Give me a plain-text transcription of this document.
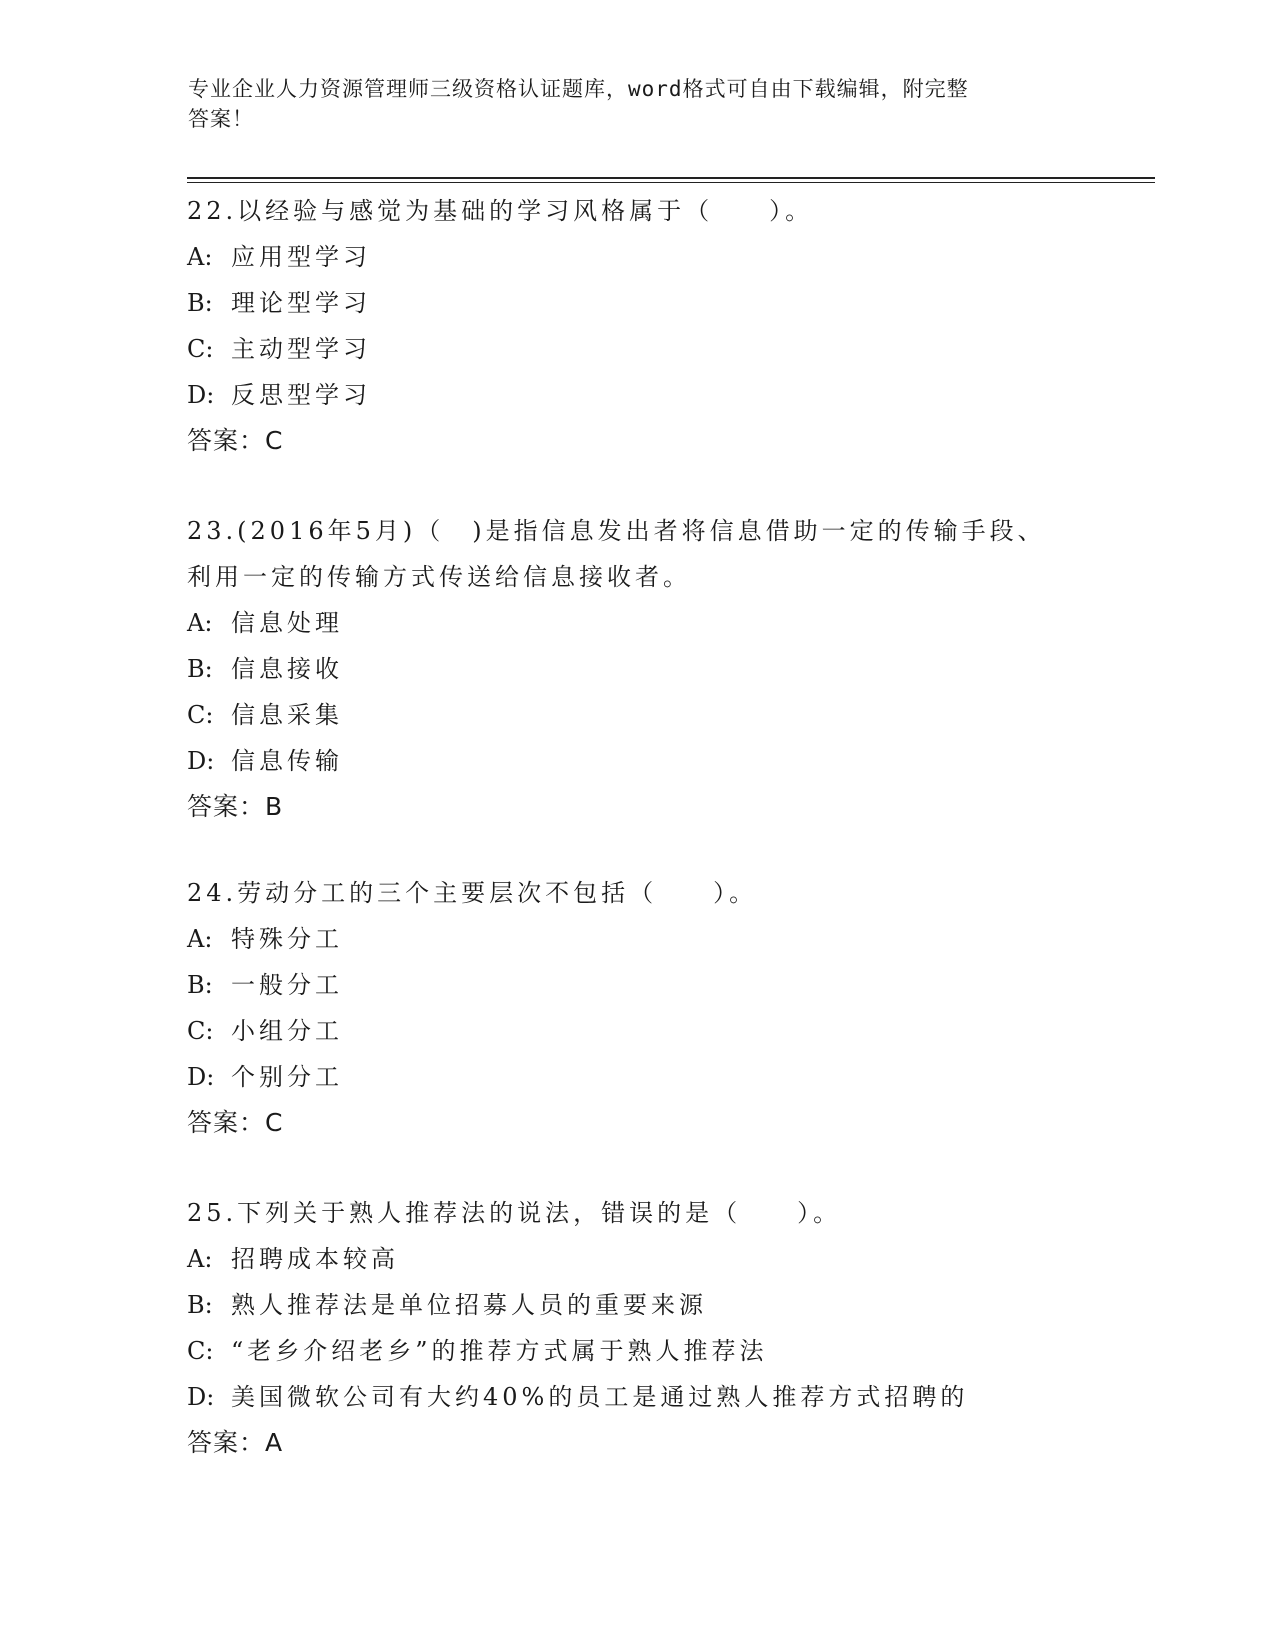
专业企业人力资源管理师三级资格认证题库，word格式可自由下载编辑，附完整
答案！

22.以经验与感觉为基础的学习风格属于（　　）。

A: 应用型学习

B: 理论型学习

C: 主动型学习

D: 反思型学习

答案：C

23.(2016年5月)（　)是指信息发出者将信息借助一定的传输手段、

利用一定的传输方式传送给信息接收者。

A: 信息处理

B: 信息接收

C: 信息采集

D: 信息传输

答案：B

24.劳动分工的三个主要层次不包括（　　）。

A: 特殊分工

B: 一般分工

C: 小组分工

D: 个别分工

答案：C

25.下列关于熟人推荐法的说法，错误的是（　　）。

A: 招聘成本较高

B: 熟人推荐法是单位招募人员的重要来源

C: “老乡介绍老乡”的推荐方式属于熟人推荐法

D: 美国微软公司有大约40%的员工是通过熟人推荐方式招聘的

答案：A
